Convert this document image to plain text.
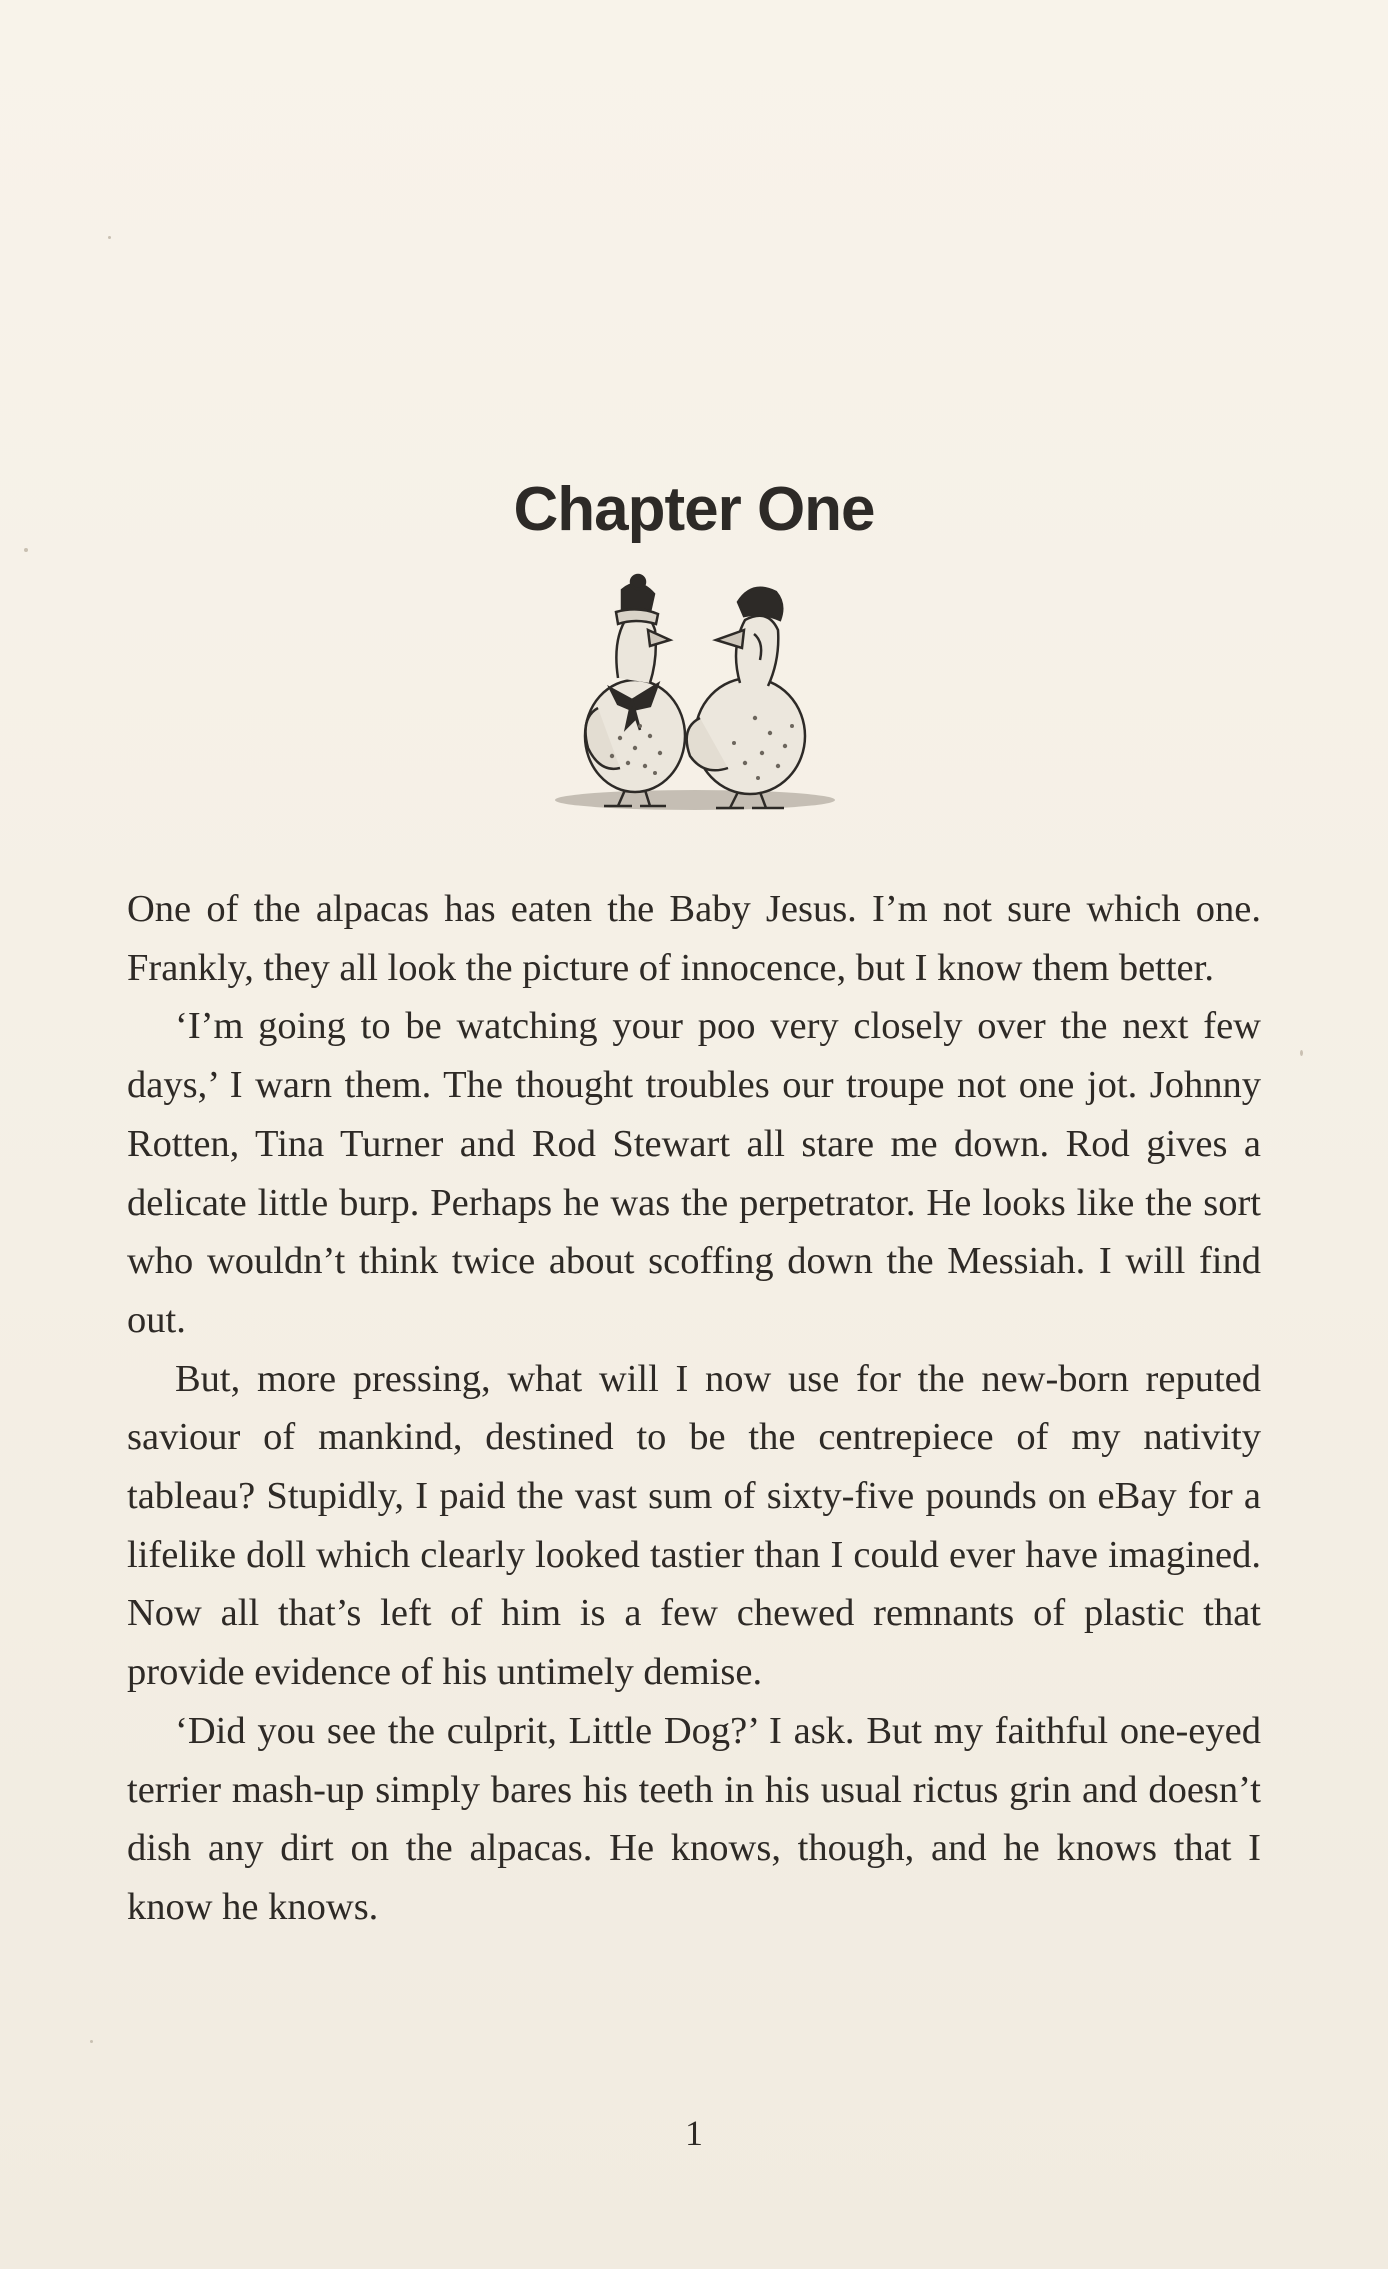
Chapter One

One of the alpacas has eaten the Baby Jesus. I’m not sure which one. Frankly, they all look the picture of innocence, but I know them better.

‘I’m going to be watching your poo very closely over the next few days,’ I warn them. The thought troubles our troupe not one jot. Johnny Rotten, Tina Turner and Rod Stewart all stare me down. Rod gives a delicate little burp. Perhaps he was the perpetrator. He looks like the sort who wouldn’t think twice about scoffing down the Messiah. I will find out.

But, more pressing, what will I now use for the new-born reputed saviour of mankind, destined to be the centrepiece of my nativity tableau? Stupidly, I paid the vast sum of sixty-five pounds on eBay for a lifelike doll which clearly looked tastier than I could ever have imagined. Now all that’s left of him is a few chewed remnants of plastic that provide evidence of his untimely demise.

‘Did you see the culprit, Little Dog?’ I ask. But my faithful one-eyed terrier mash-up simply bares his teeth in his usual rictus grin and doesn’t dish any dirt on the alpacas. He knows, though, and he knows that I know he knows.

1
